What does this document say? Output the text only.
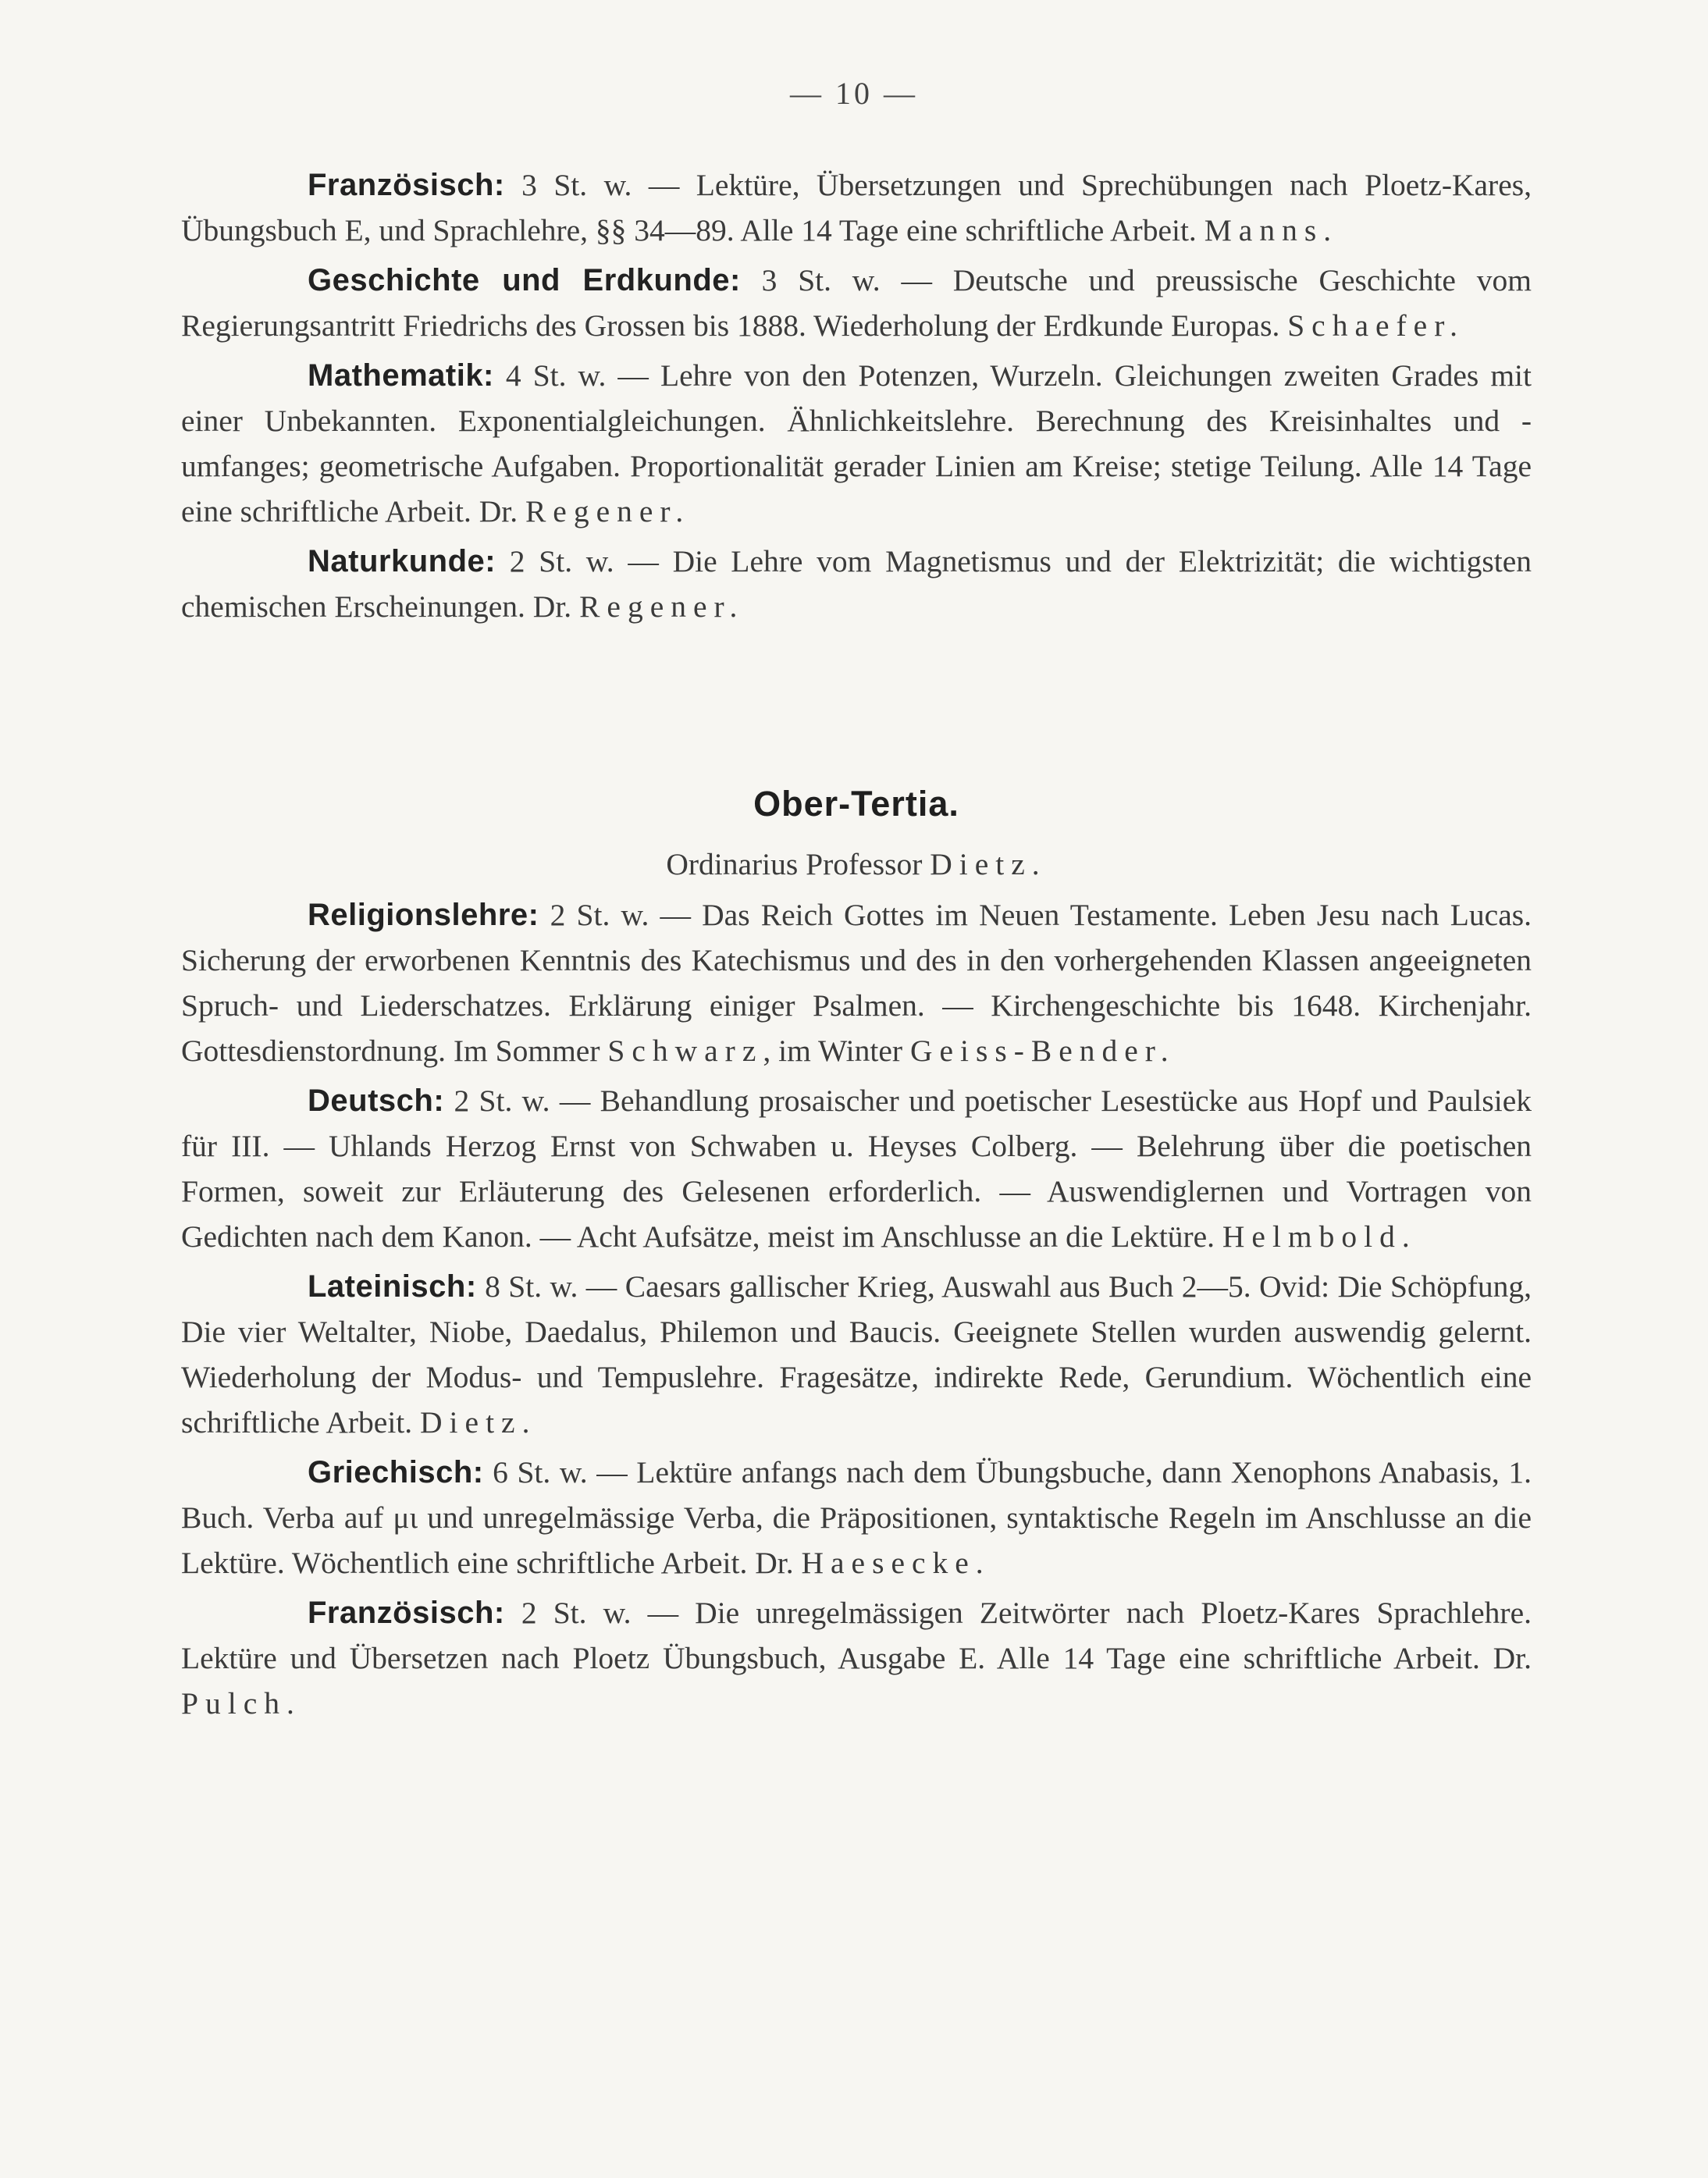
— 10 —

Französisch: 3 St. w. — Lektüre, Übersetzungen und Sprechübungen nach Ploetz-Kares, Übungsbuch E, und Sprachlehre, §§ 34—89. Alle 14 Tage eine schriftliche Arbeit. Manns.

Geschichte und Erdkunde: 3 St. w. — Deutsche und preussische Geschichte vom Regierungsantritt Friedrichs des Grossen bis 1888. Wiederholung der Erdkunde Europas. Schaefer.

Mathematik: 4 St. w. — Lehre von den Potenzen, Wurzeln. Gleichungen zweiten Grades mit einer Unbekannten. Exponentialgleichungen. Ähnlichkeitslehre. Berechnung des Kreisinhaltes und -umfanges; geometrische Aufgaben. Proportionalität gerader Linien am Kreise; stetige Teilung. Alle 14 Tage eine schriftliche Arbeit. Dr. Regener.

Naturkunde: 2 St. w. — Die Lehre vom Magnetismus und der Elektrizität; die wichtigsten chemischen Erscheinungen. Dr. Regener.

Ober-Tertia.

Ordinarius Professor Dietz.

Religionslehre: 2 St. w. — Das Reich Gottes im Neuen Testamente. Leben Jesu nach Lucas. Sicherung der erworbenen Kenntnis des Katechismus und des in den vorhergehenden Klassen angeeigneten Spruch- und Liederschatzes. Erklärung einiger Psalmen. — Kirchengeschichte bis 1648. Kirchenjahr. Gottesdienstordnung. Im Sommer Schwarz, im Winter Geiss-Bender.

Deutsch: 2 St. w. — Behandlung prosaischer und poetischer Lesestücke aus Hopf und Paulsiek für III. — Uhlands Herzog Ernst von Schwaben u. Heyses Colberg. — Belehrung über die poetischen Formen, soweit zur Erläuterung des Gelesenen erforderlich. — Auswendiglernen und Vortragen von Gedichten nach dem Kanon. — Acht Aufsätze, meist im Anschlusse an die Lektüre. Helmbold.

Lateinisch: 8 St. w. — Caesars gallischer Krieg, Auswahl aus Buch 2—5. Ovid: Die Schöpfung, Die vier Weltalter, Niobe, Daedalus, Philemon und Baucis. Geeignete Stellen wurden auswendig gelernt. Wiederholung der Modus- und Tempuslehre. Fragesätze, indirekte Rede, Gerundium. Wöchentlich eine schriftliche Arbeit. Dietz.

Griechisch: 6 St. w. — Lektüre anfangs nach dem Übungsbuche, dann Xenophons Anabasis, 1. Buch. Verba auf μι und unregelmässige Verba, die Präpositionen, syntaktische Regeln im Anschlusse an die Lektüre. Wöchentlich eine schriftliche Arbeit. Dr. Haesecke.

Französisch: 2 St. w. — Die unregelmässigen Zeitwörter nach Ploetz-Kares Sprachlehre. Lektüre und Übersetzen nach Ploetz Übungsbuch, Ausgabe E. Alle 14 Tage eine schriftliche Arbeit. Dr. Pulch.
